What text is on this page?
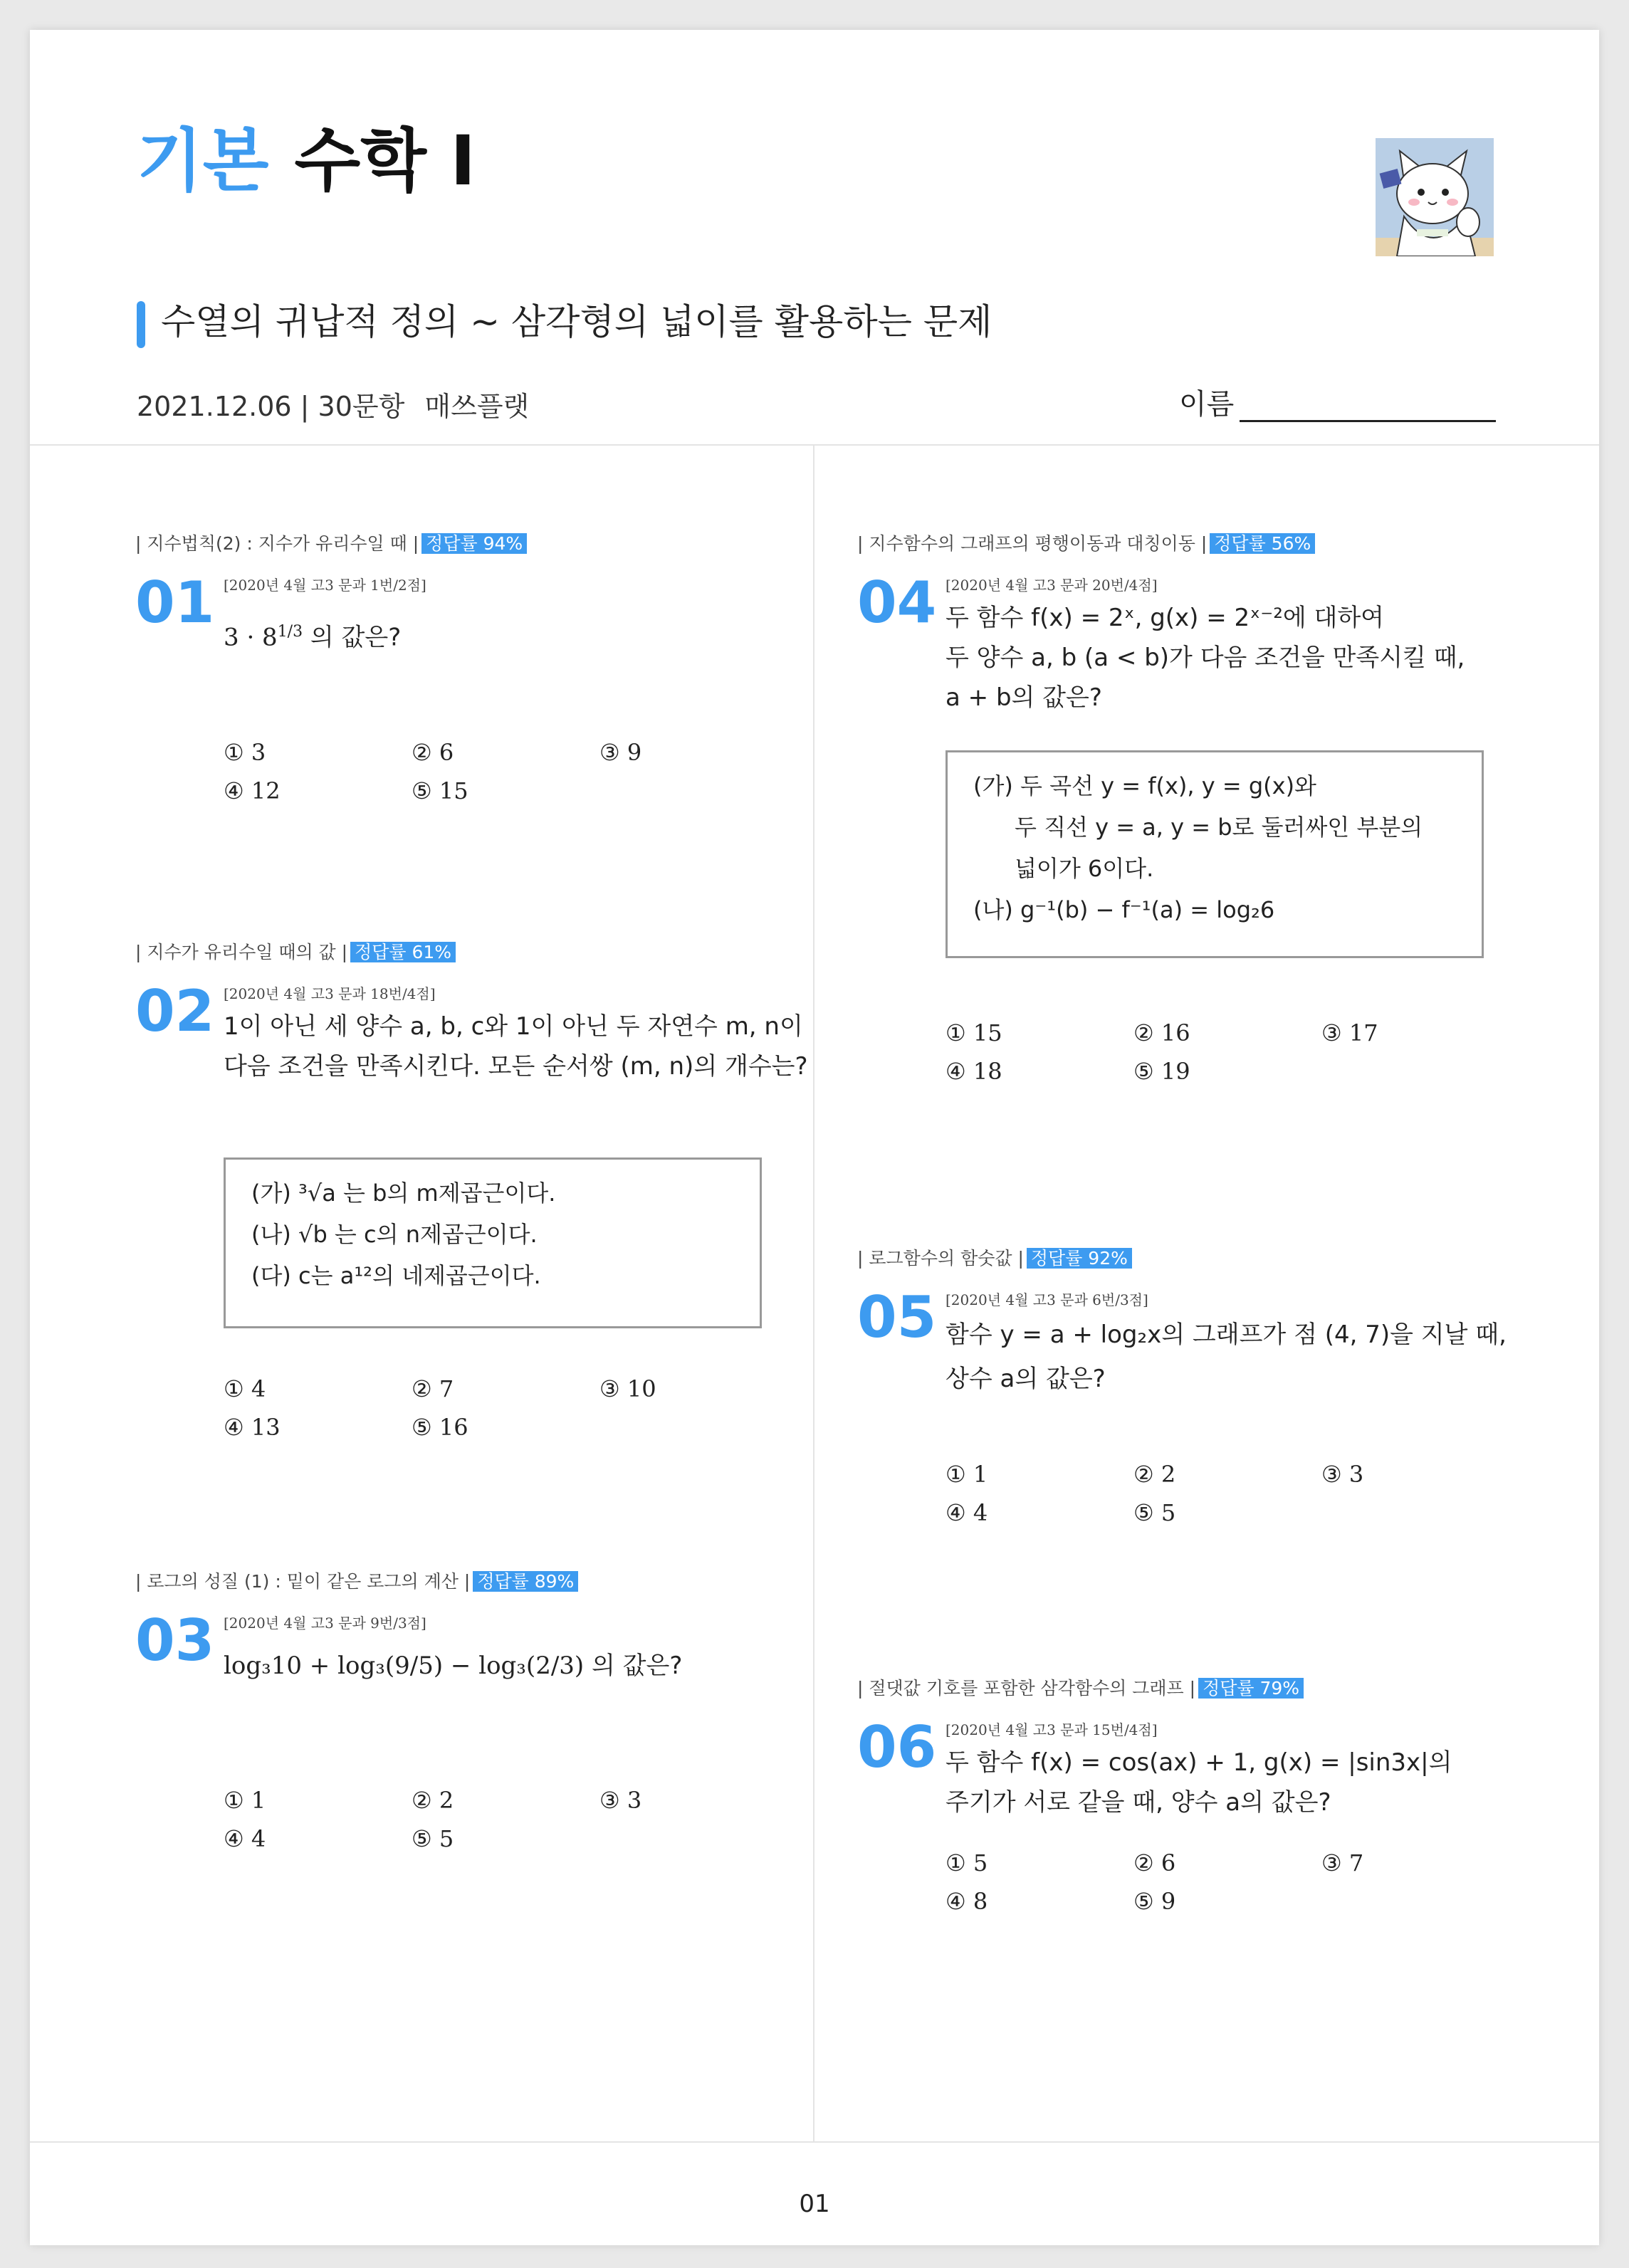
기본 수학 I
수열의 귀납적 정의 ~ 삼각형의 넓이를 활용하는 문제
2021.12.06 | 30문항 매쓰플랫	이름
| 지수법칙(2) : 지수가 유리수일 때 | 정답률 94%
01 [2020년 4월 고3 문과 1번/2점]
$3 \cdot 8^{1/3}$ 의 값은?
① 3	② 6	③ 9
④ 12	⑤ 15
| 지수가 유리수일 때의 값 | 정답률 61%
02 [2020년 4월 고3 문과 18번/4점]
1이 아닌 세 양수 a, b, c와 1이 아닌 두 자연수 m, n이
다음 조건을 만족시킨다. 모든 순서쌍 (m, n)의 개수는?
(가) ³√a 는 b의 m제곱근이다.
(나) √b 는 c의 n제곱근이다.
(다) c는 a¹²의 네제곱근이다.
① 4	② 7	③ 10
④ 13	⑤ 16
| 로그의 성질 (1) : 밑이 같은 로그의 계산 | 정답률 89%
03 [2020년 4월 고3 문과 9번/3점]
log₃10 + log₃(9/5) − log₃(2/3) 의 값은?
① 1	② 2	③ 3
④ 4	⑤ 5
| 지수함수의 그래프의 평행이동과 대칭이동 | 정답률 56%
04 [2020년 4월 고3 문과 20번/4점]
두 함수 f(x) = 2ˣ, g(x) = 2ˣ⁻²에 대하여
두 양수 a, b (a < b)가 다음 조건을 만족시킬 때,
a + b의 값은?
(가) 두 곡선 y = f(x), y = g(x)와
두 직선 y = a, y = b로 둘러싸인 부분의
넓이가 6이다.
(나) g⁻¹(b) − f⁻¹(a) = log₂6
① 15	② 16	③ 17
④ 18	⑤ 19
| 로그함수의 함숫값 | 정답률 92%
05 [2020년 4월 고3 문과 6번/3점]
함수 y = a + log₂x의 그래프가 점 (4, 7)을 지날 때,
상수 a의 값은?
① 1	② 2	③ 3
④ 4	⑤ 5
| 절댓값 기호를 포함한 삼각함수의 그래프 | 정답률 79%
06 [2020년 4월 고3 문과 15번/4점]
두 함수 f(x) = cos(ax) + 1, g(x) = |sin3x|의
주기가 서로 같을 때, 양수 a의 값은?
① 5	② 6	③ 7
④ 8	⑤ 9
01
